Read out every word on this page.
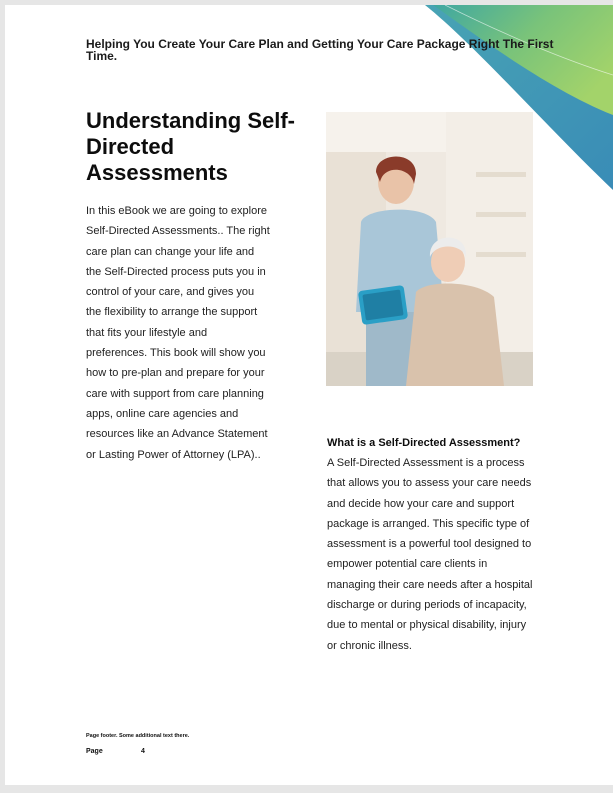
Helping You Create Your Care Plan and Getting Your Care Package Right The First Time.
Understanding Self- Directed Assessments
In this eBook we are going to explore Self-Directed Assessments.. The right care plan can change your life and the Self-Directed process puts you in control of your care, and gives you the flexibility to arrange the support that fits your lifestyle and preferences. This book will show you how to pre-plan and prepare for your care with support from care planning apps, online care agencies and resources like an Advance Statement or Lasting Power of Attorney (LPA)..
What is a Self-Directed Assessment?
A Self-Directed Assessment is a process that allows you to assess your care needs and decide how your care and support package is arranged. This specific type of assessment is a powerful tool designed to empower potential care clients in managing their care needs after a hospital discharge or during periods of incapacity, due to mental or physical disability, injury or chronic illness.
Page footer. Some additional text there.
Page	4
